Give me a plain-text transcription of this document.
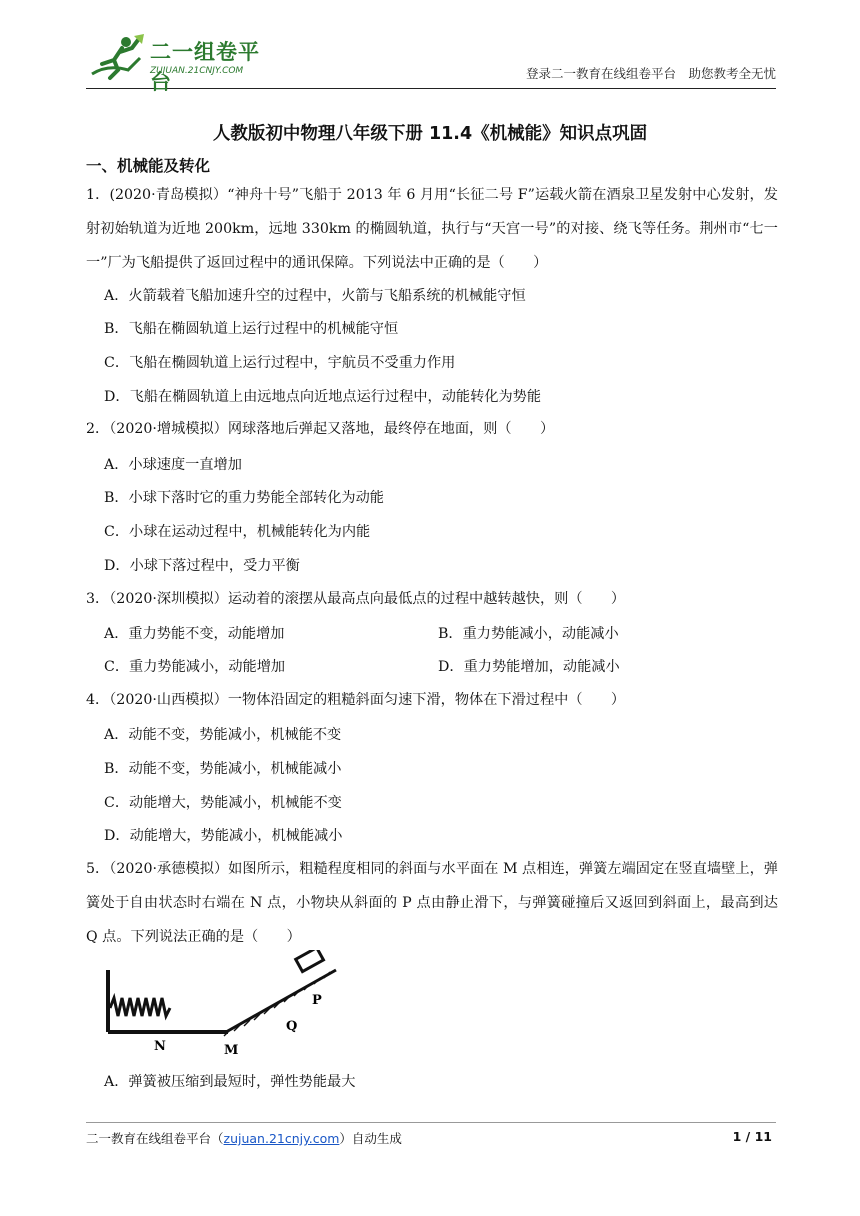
二一组卷平台
ZUJUAN.21CNJY.COM	登录二一教育在线组卷平台　助您教考全无忧
人教版初中物理八年级下册 11.4《机械能》知识点巩固
一、机械能及转化
1．(2020·青岛模拟）“神舟十号”飞船于 2013 年 6 月用“长征二号 F”运载火箭在酒泉卫星发射中心发射，发射初始轨道为近地 200km，远地 330km 的椭圆轨道，执行与“天宫一号”的对接、绕飞等任务。荆州市“七一一”厂为飞船提供了返回过程中的通讯保障。下列说法中正确的是（　　）
A．火箭载着飞船加速升空的过程中，火箭与飞船系统的机械能守恒
B．飞船在椭圆轨道上运行过程中的机械能守恒
C．飞船在椭圆轨道上运行过程中，宇航员不受重力作用
D．飞船在椭圆轨道上由远地点向近地点运行过程中，动能转化为势能
2．（2020·增城模拟）网球落地后弹起又落地，最终停在地面，则（　　）
A．小球速度一直增加
B．小球下落时它的重力势能全部转化为动能
C．小球在运动过程中，机械能转化为内能
D．小球下落过程中，受力平衡
3．（2020·深圳模拟）运动着的滚摆从最高点向最低点的过程中越转越快，则（　　）
A．重力势能不变，动能增加	B．重力势能减小，动能减小
C．重力势能减小，动能增加	D．重力势能增加，动能减小
4．（2020·山西模拟）一物体沿固定的粗糙斜面匀速下滑，物体在下滑过程中（　　）
A．动能不变，势能减小，机械能不变
B．动能不变，势能减小，机械能减小
C．动能增大，势能减小，机械能不变
D．动能增大，势能减小，机械能减小
5．（2020·承德模拟）如图所示，粗糙程度相同的斜面与水平面在 M 点相连，弹簧左端固定在竖直墙壁上，弹簧处于自由状态时右端在 N 点，小物块从斜面的 P 点由静止滑下，与弹簧碰撞后又返回到斜面上，最高到达 Q 点。下列说法正确的是（　　）
N	M
Q
P
A．弹簧被压缩到最短时，弹性势能最大
二一教育在线组卷平台（zujuan.21cnjy.com）自动生成	1 / 11
